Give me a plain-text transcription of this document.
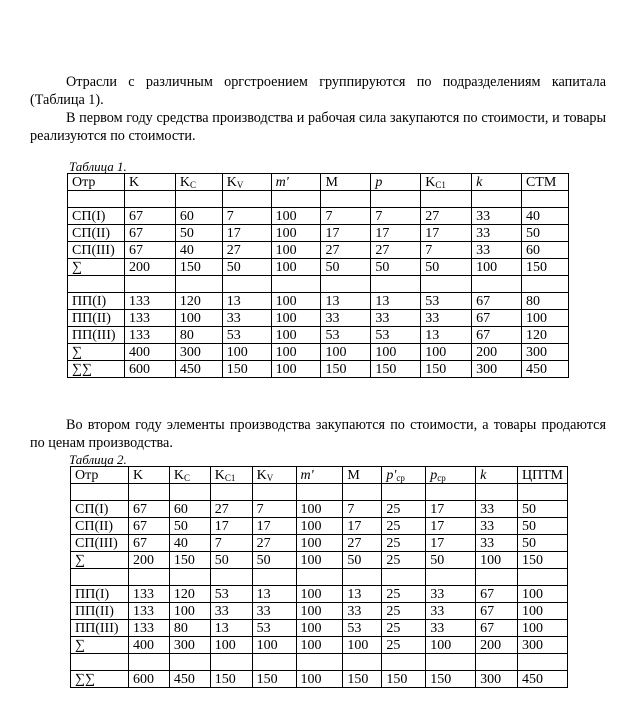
Отрасли с различным оргстроением группируются по подразделениям капитала (Таблица 1).

В первом году средства производства и рабочая сила закупаются по стоимости, и товары реализуются по стоимости.

Таблица 1.
Отр	K	$K_C$	$K_V$	m'	M	p	$K_{C1}$	k	CTM

СП(I)	67	60	7	100	7	7	27	33	40
СП(II)	67	50	17	100	17	17	17	33	50
СП(III)	67	40	27	100	27	27	7	33	60
∑	200	150	50	100	50	50	50	100	150

ПП(I)	133	120	13	100	13	13	53	67	80
ПП(II)	133	100	33	100	33	33	33	67	100
ПП(III)	133	80	53	100	53	53	13	67	120
∑	400	300	100	100	100	100	100	200	300
∑∑	600	450	150	100	150	150	150	300	450

Во втором году элементы производства закупаются по стоимости, а товары продаются по ценам производства.

Таблица 2.
Отр	K	$K_C$	$K_{C1}$	$K_V$	m'	M	$p'_{ср}$	$p_{ср}$	k	ЦПТМ

СП(I)	67	60	27	7	100	7	25	17	33	50
СП(II)	67	50	17	17	100	17	25	17	33	50
СП(III)	67	40	7	27	100	27	25	17	33	50
∑	200	150	50	50	100	50	25	50	100	150

ПП(I)	133	120	53	13	100	13	25	33	67	100
ПП(II)	133	100	33	33	100	33	25	33	67	100
ПП(III)	133	80	13	53	100	53	25	33	67	100
∑	400	300	100	100	100	100	25	100	200	300

∑∑	600	450	150	150	100	150	150	150	300	450
